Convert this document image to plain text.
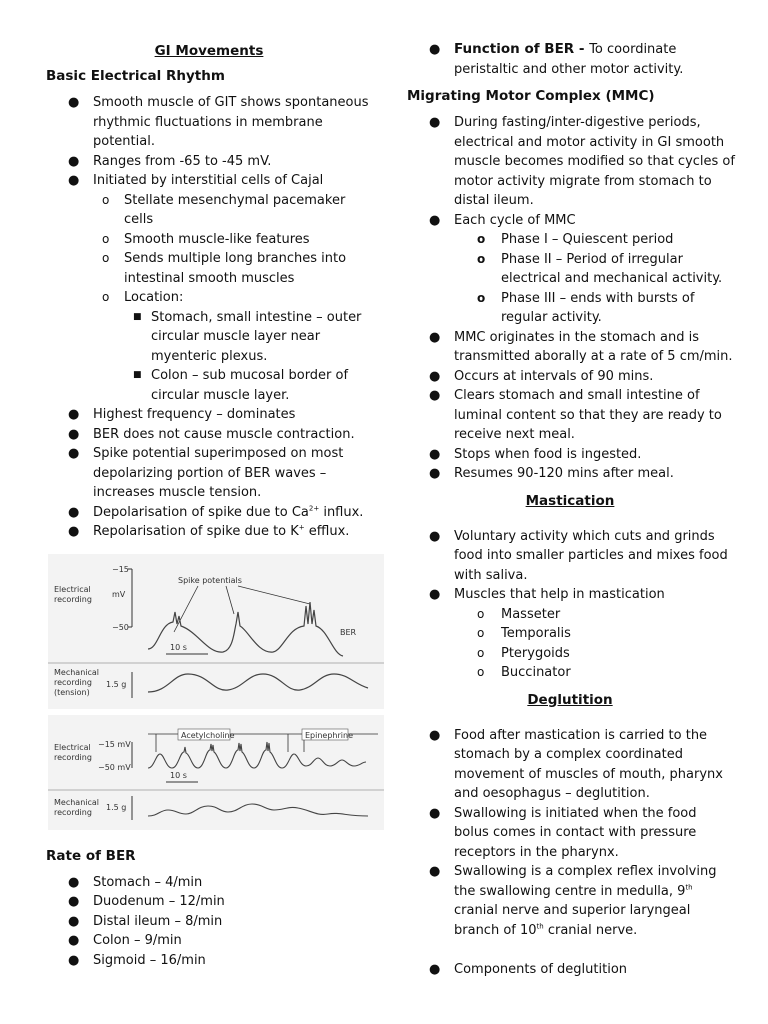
GI Movements
Basic Electrical Rhythm
● Smooth muscle of GIT shows spontaneous rhythmic fluctuations in membrane potential.
● Ranges from -65 to -45 mV.
● Initiated by interstitial cells of Cajal
o Stellate mesenchymal pacemaker cells
o Smooth muscle-like features
o Sends multiple long branches into intestinal smooth muscles
o Location:
■ Stomach, small intestine – outer circular muscle layer near myenteric plexus.
■ Colon – sub mucosal border of circular muscle layer.
● Highest frequency – dominates
● BER does not cause muscle contraction.
● Spike potential superimposed on most depolarizing portion of BER waves – increases muscle tension.
● Depolarisation of spike due to $Ca^{2+}$ influx.
● Repolarisation of spike due to K+ efflux.
Electrical
recording
mV
−15
−50
Spike potentials
BER
10 s
Mechanical
recording
(tension)
1.5 g
Electrical
recording
−15 mV
−50 mV
Acetylcholine	Epinephrine
10 s
Mechanical
recording
1.5 g
Rate of BER
● Stomach – 4/min
● Duodenum – 12/min
● Distal ileum – 8/min
● Colon – 9/min
● Sigmoid – 16/min
● Function of BER - To coordinate peristaltic and other motor activity.
Migrating Motor Complex (MMC)
● During fasting/inter-digestive periods, electrical and motor activity in GI smooth muscle becomes modified so that cycles of motor activity migrate from stomach to distal ileum.
● Each cycle of MMC
o Phase I – Quiescent period
o Phase II – Period of irregular electrical and mechanical activity.
o Phase III – ends with bursts of regular activity.
● MMC originates in the stomach and is transmitted aborally at a rate of 5 cm/min.
● Occurs at intervals of 90 mins.
● Clears stomach and small intestine of luminal content so that they are ready to receive next meal.
● Stops when food is ingested.
● Resumes 90-120 mins after meal.
Mastication
● Voluntary activity which cuts and grinds food into smaller particles and mixes food with saliva.
● Muscles that help in mastication
o Masseter
o Temporalis
o Pterygoids
o Buccinator
Deglutition
● Food after mastication is carried to the stomach by a complex coordinated movement of muscles of mouth, pharynx and oesophagus – deglutition.
● Swallowing is initiated when the food bolus comes in contact with pressure receptors in the pharynx.
● Swallowing is a complex reflex involving the swallowing centre in medulla, 9th cranial nerve and superior laryngeal branch of 10th cranial nerve.
● Components of deglutition
